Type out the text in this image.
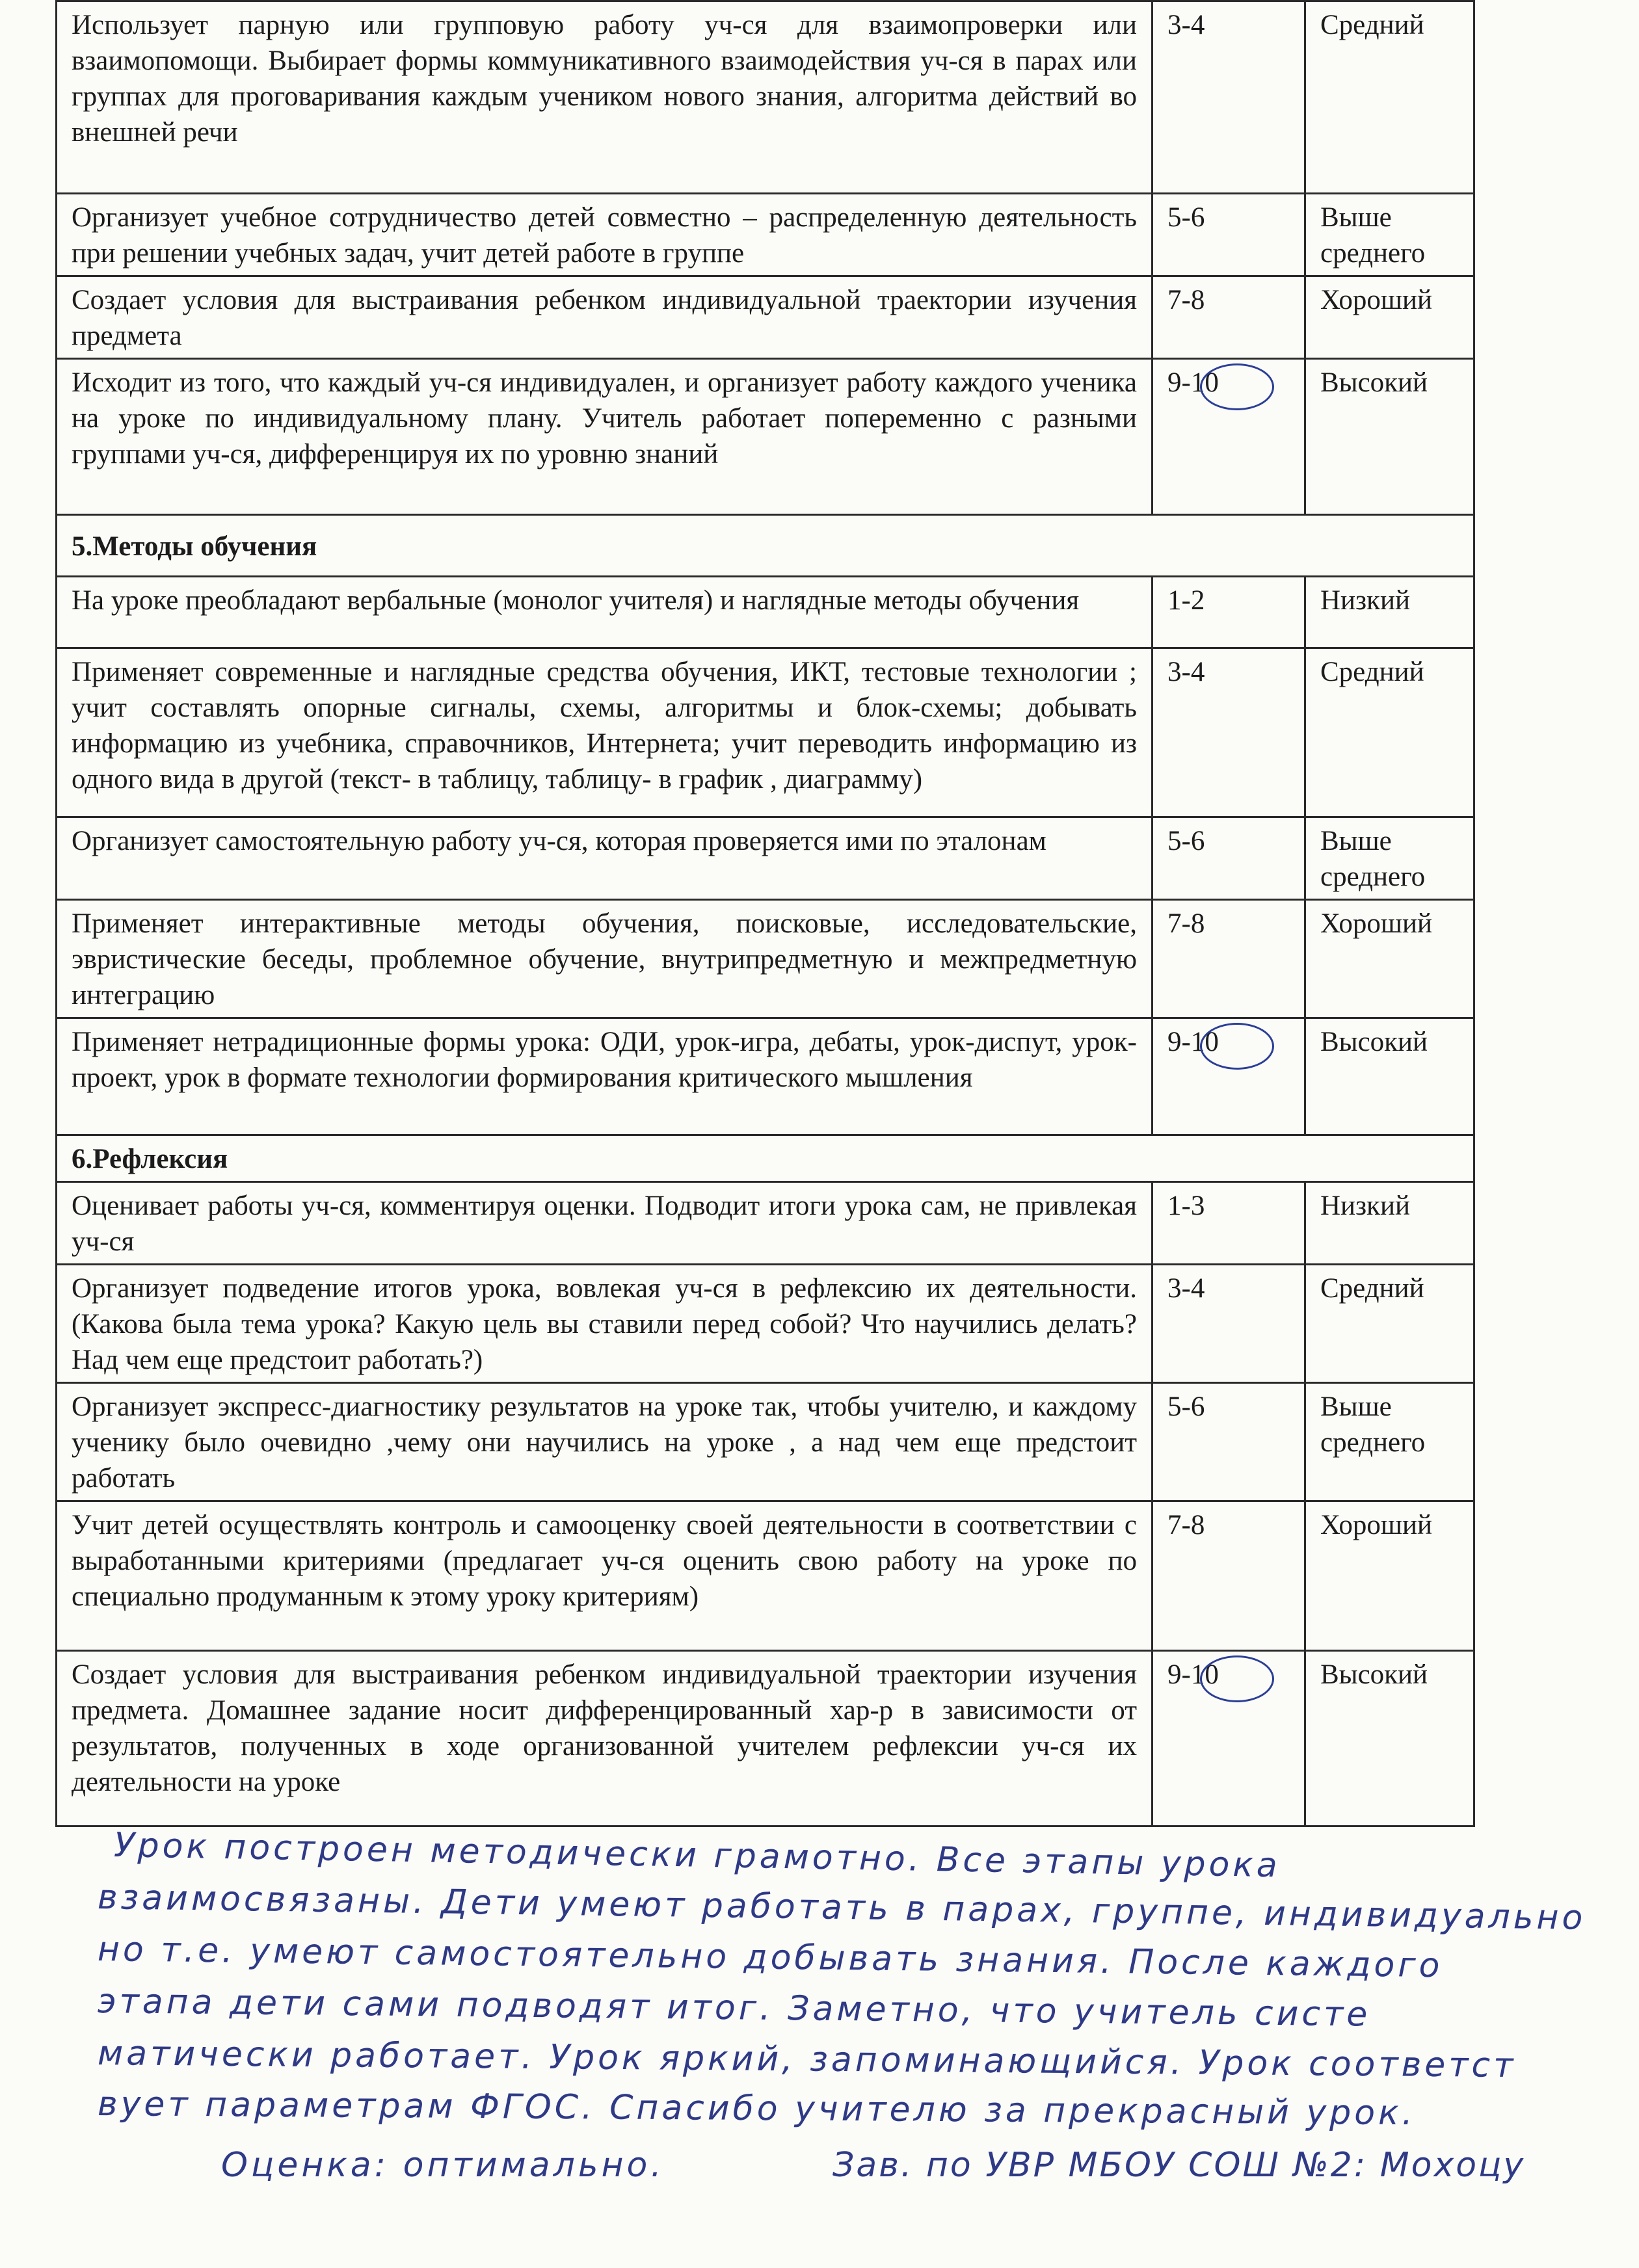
Использует парную или групповую работу уч-ся для взаимопроверки или взаимопомощи. Выбирает формы коммуникативного взаимодействия уч-ся в парах или группах для проговаривания каждым учеником нового знания, алгоритма действий во внешней речи	3-4	Средний
Организует учебное сотрудничество детей совместно – распределенную деятельность при решении учебных задач, учит детей работе в группе	5-6	Выше среднего
Создает условия для выстраивания ребенком индивидуальной траектории изучения предмета	7-8	Хороший
Исходит из того, что каждый уч-ся индивидуален, и организует работу каждого ученика на уроке по индивидуальному плану. Учитель работает попеременно с разными группами уч-ся, дифференцируя их по уровню знаний	9-10	Высокий
5.Методы обучения		
На уроке преобладают вербальные (монолог учителя) и наглядные методы обучения	1-2	Низкий
Применяет современные и наглядные средства обучения, ИКТ, тестовые технологии ; учит составлять опорные сигналы, схемы, алгоритмы и блок-схемы; добывать информацию из учебника, справочников, Интернета; учит переводить информацию из одного вида в другой (текст- в таблицу, таблицу- в график , диаграмму)	3-4	Средний
Организует самостоятельную работу уч-ся, которая проверяется ими по эталонам	5-6	Выше среднего
Применяет интерактивные методы обучения, поисковые, исследовательские, эвристические беседы, проблемное обучение, внутрипредметную и межпредметную интеграцию	7-8	Хороший
Применяет нетрадиционные формы урока: ОДИ, урок-игра, дебаты, урок-диспут, урок-проект, урок в формате технологии формирования критического мышления	9-10	Высокий
6.Рефлексия		
Оценивает работы уч-ся, комментируя оценки. Подводит итоги урока сам, не привлекая уч-ся	1-3	Низкий
Организует подведение итогов урока, вовлекая уч-ся в рефлексию их деятельности. (Какова была тема урока? Какую цель вы ставили перед собой? Что научились делать? Над чем еще предстоит работать?)	3-4	Средний
Организует экспресс-диагностику результатов на уроке так, чтобы учителю, и каждому ученику было очевидно ,чему они научились на уроке , а над чем еще предстоит работать	5-6	Выше среднего
Учит детей осуществлять контроль и самооценку своей деятельности в соответствии с выработанными критериями (предлагает уч-ся оценить свою работу на уроке по специально продуманным к этому уроку критериям)	7-8	Хороший
Создает условия для выстраивания ребенком индивидуальной траектории изучения предмета. Домашнее задание носит дифференцированный хар-р в зависимости от результатов, полученных в ходе организованной учителем рефлексии уч-ся их деятельности на уроке	9-10	Высокий
Урок построен методически грамотно. Все этапы урока
взаимосвязаны. Дети умеют работать в парах, группе, индивидуально
но т.е. умеют самостоятельно добывать знания. После каждого
этапа дети сами подводят итог. Заметно, что учитель систе
матически работает. Урок яркий, запоминающийся. Урок соответст
вует параметрам ФГОС. Спасибо учителю за прекрасный урок.
Оценка: оптимально.	Зав. по УВР МБОУ СОШ №2: Мохоцу
